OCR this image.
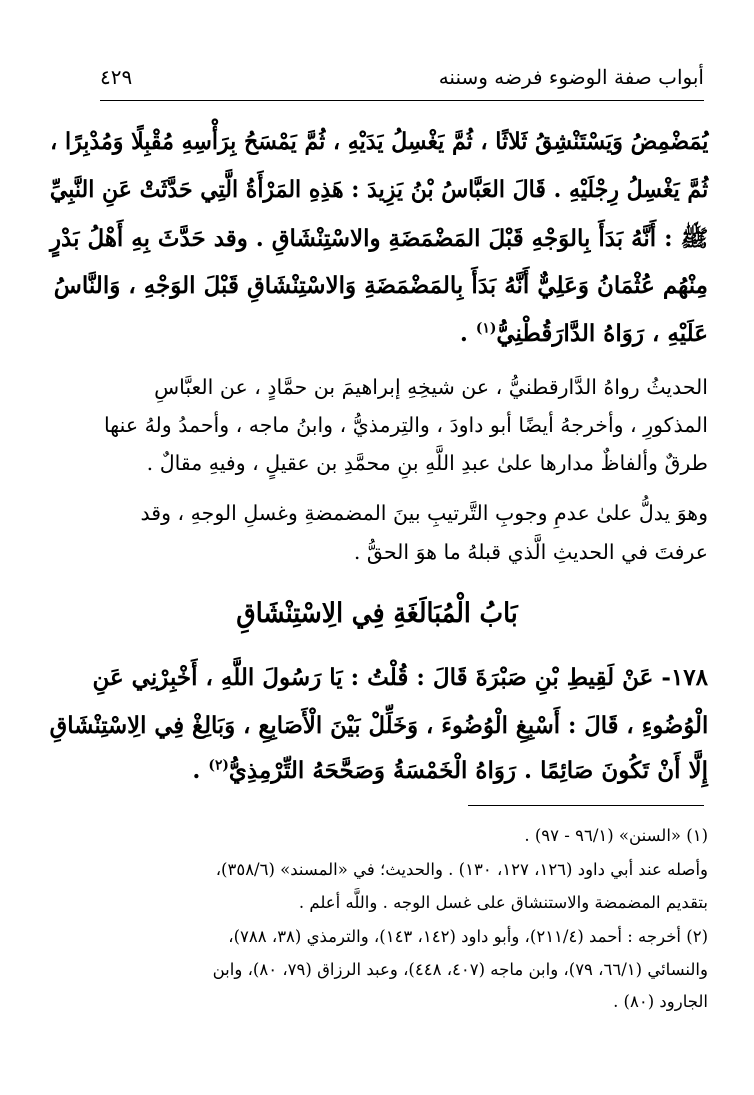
أبواب صفة الوضوء فرضه وسننه
٤٢٩
يُمَضْمِضُ وَيَسْتَنْشِقُ ثَلاثًا ، ثُمَّ يَغْسِلُ يَدَيْهِ ، ثُمَّ يَمْسَحُ بِرَأْسِهِ مُقْبِلًا وَمُدْبِرًا ،
ثُمَّ يَغْسِلُ رِجْلَيْهِ . قَالَ العَبَّاسُ بْنُ يَزِيدَ : هَذِهِ المَرْأَةُ الَّتِي حَدَّثَتْ عَنِ النَّبِيِّ
ﷺ : أَنَّهُ بَدَأَ بِالوَجْهِ قَبْلَ المَضْمَضَةِ والاسْتِنْشَاقِ . وقد حَدَّثَ بِهِ أَهْلُ بَدْرٍ
مِنْهُم عُثْمَانُ وَعَلِيٌّ أَنَّهُ بَدَأَ بِالمَضْمَضَةِ وَالاسْتِنْشَاقِ قَبْلَ الوَجْهِ ، وَالنَّاسُ
عَلَيْهِ ، رَوَاهُ الدَّارَقُطْنِيُّ$^{(١)}$ .
الحديثُ رواهُ الدَّارقطنيُّ ، عن شيخِهِ إبراهيمَ بن حمَّادٍ ، عن العبَّاسِ
المذكورِ ، وأخرجهُ أيضًا أبو داودَ ، والتِرمذيُّ ، وابنُ ماجه ، وأحمدُ ولهُ عنها
طرقٌ وألفاظٌ مدارها علىٰ عبدِ اللَّهِ بنِ محمَّدِ بن عقيلٍ ، وفيهِ مقالٌ .
وهوَ يدلُّ علىٰ عدمِ وجوبِ التَّرتيبِ بينَ المضمضةِ وغسلِ الوجهِ ، وقد
عرفتَ في الحديثِ الَّذي قبلهُ ما هوَ الحقُّ .
بَابُ الْمُبَالَغَةِ فِي الِاسْتِنْشَاقِ
١٧٨- عَنْ لَقِيطِ بْنِ صَبْرَةَ قَالَ : قُلْتُ : يَا رَسُولَ اللَّهِ ، أَخْبِرْنِي عَنِ
الْوُضُوءِ ، قَالَ : أَسْبِغِ الْوُضُوءَ ، وَخَلِّلْ بَيْنَ الْأَصَابِعِ ، وَبَالِغْ فِي الِاسْتِنْشَاقِ
إِلَّا أَنْ تَكُونَ صَائِمًا . رَوَاهُ الْخَمْسَةُ وَصَحَّحَهُ التِّرْمِذِيُّ$^{(٢)}$ .
(١) «السنن» (٩٦/١ - ٩٧) .
وأصله عند أبي داود (١٢٦، ١٢٧، ١٣٠) . والحديث؛ في «المسند» (٣٥٨/٦)،
بتقديم المضمضة والاستنشاق على غسل الوجه . واللَّه أعلم .
(٢) أخرجه : أحمد (٢١١/٤)، وأبو داود (١٤٢، ١٤٣)، والترمذي (٣٨، ٧٨٨)،
والنسائي (٦٦/١، ٧٩)، وابن ماجه (٤٠٧، ٤٤٨)، وعبد الرزاق (٧٩، ٨٠)، وابن
الجارود (٨٠) .
